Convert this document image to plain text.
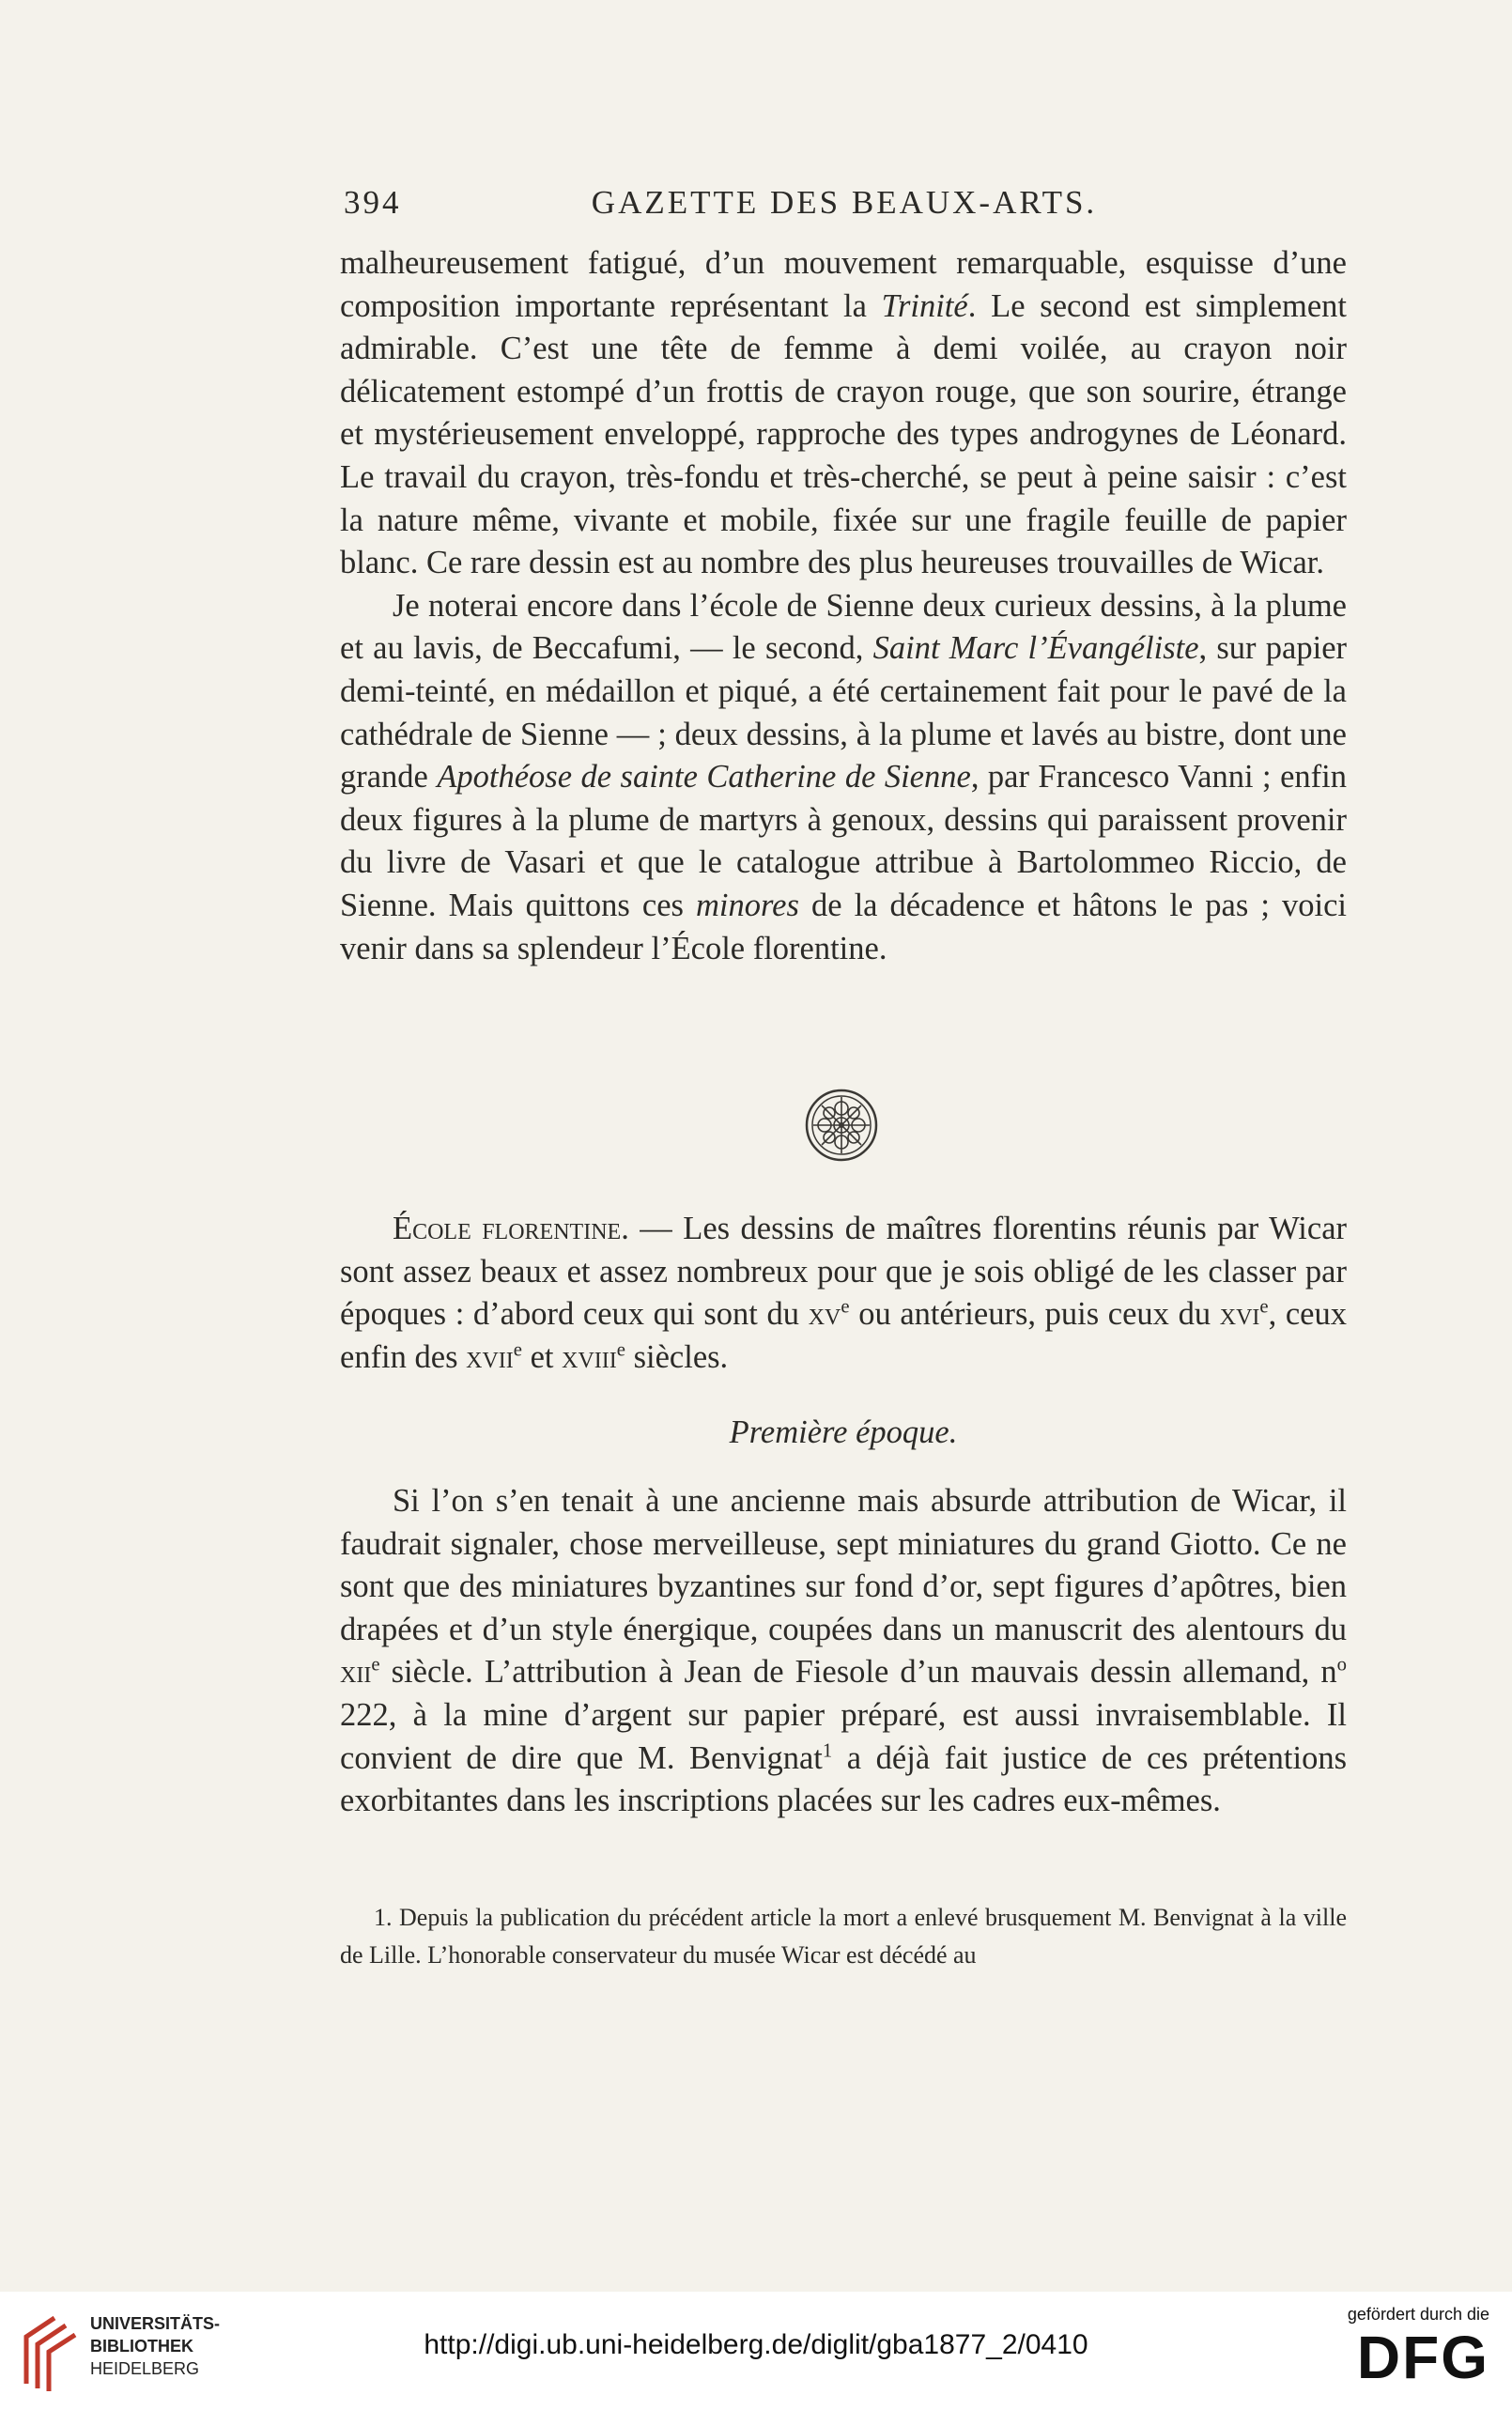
394	GAZETTE DES BEAUX-ARTS.

malheureusement fatigué, d’un mouvement remarquable, esquisse d’une composition importante représentant la Trinité. Le second est simplement admirable. C’est une tête de femme à demi voilée, au crayon noir délicatement estompé d’un frottis de crayon rouge, que son sourire, étrange et mystérieusement enveloppé, rapproche des types androgynes de Léonard. Le travail du crayon, très-fondu et très-cherché, se peut à peine saisir : c’est la nature même, vivante et mobile, fixée sur une fragile feuille de papier blanc. Ce rare dessin est au nombre des plus heureuses trouvailles de Wicar.

Je noterai encore dans l’école de Sienne deux curieux dessins, à la plume et au lavis, de Beccafumi, — le second, Saint Marc l’Évangéliste, sur papier demi-teinté, en médaillon et piqué, a été certainement fait pour le pavé de la cathédrale de Sienne — ; deux dessins, à la plume et lavés au bistre, dont une grande Apothéose de sainte Catherine de Sienne, par Francesco Vanni ; enfin deux figures à la plume de martyrs à genoux, dessins qui paraissent provenir du livre de Vasari et que le catalogue attribue à Bartolommeo Riccio, de Sienne. Mais quittons ces minores de la décadence et hâtons le pas ; voici venir dans sa splendeur l’École florentine.

École florentine. — Les dessins de maîtres florentins réunis par Wicar sont assez beaux et assez nombreux pour que je sois obligé de les classer par époques : d’abord ceux qui sont du $xv^e$ ou antérieurs, puis ceux du xvi$^e$, ceux enfin des xvii$^e$ et xviii$^e$ siècles.

Première époque.

Si l’on s’en tenait à une ancienne mais absurde attribution de Wicar, il faudrait signaler, chose merveilleuse, sept miniatures du grand Giotto. Ce ne sont que des miniatures byzantines sur fond d’or, sept figures d’apôtres, bien drapées et d’un style énergique, coupées dans un manuscrit des alentours du xii$^e$ siècle. L’attribution à Jean de Fiesole d’un mauvais dessin allemand, $n^o$ 222, à la mine d’argent sur papier préparé, est aussi invraisemblable. Il convient de dire que M. Benvignat$^1$ a déjà fait justice de ces prétentions exorbitantes dans les inscriptions placées sur les cadres eux-mêmes.

1. Depuis la publication du précédent article la mort a enlevé brusquement M. Benvignat à la ville de Lille. L’honorable conservateur du musée Wicar est décédé au

UNIVERSITÄTS-
BIBLIOTHEK
HEIDELBERG
http://digi.ub.uni-heidelberg.de/diglit/gba1877_2/0410
gefördert durch die
DFG
